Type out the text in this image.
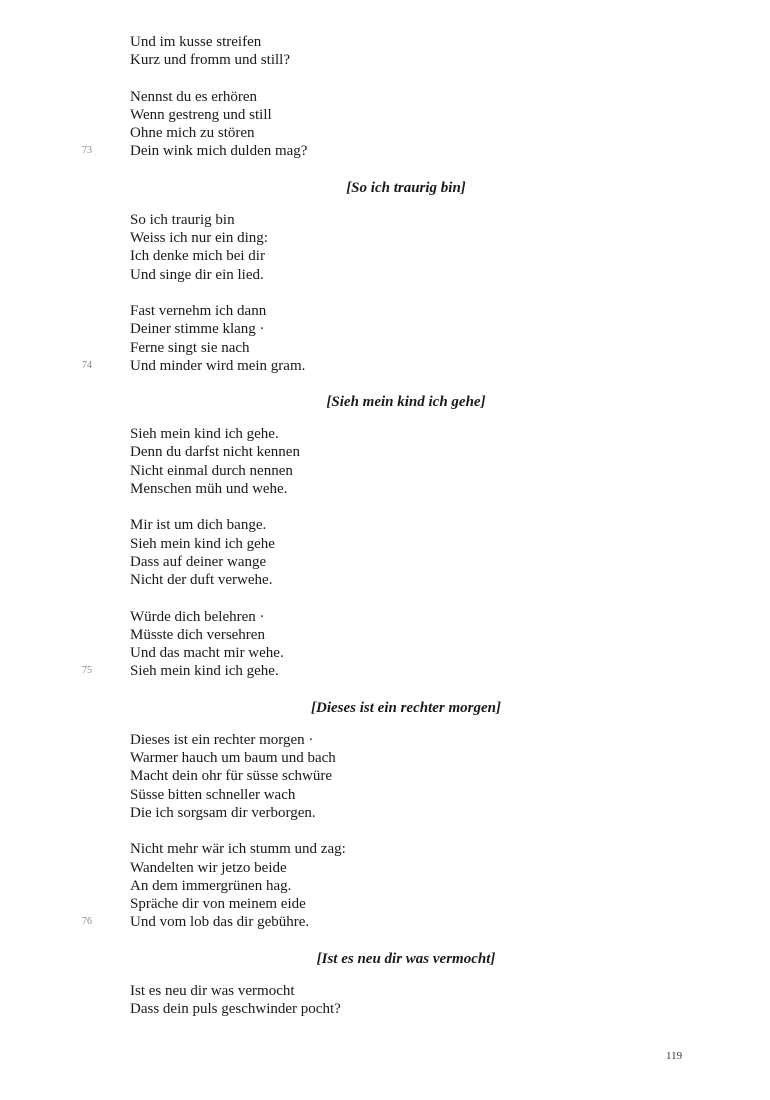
Und im kusse streifen
Kurz und fromm und still?
Nennst du es erhören
Wenn gestreng und still
Ohne mich zu stören
Dein wink mich dulden mag?
73
[So ich traurig bin]
So ich traurig bin
Weiss ich nur ein ding:
Ich denke mich bei dir
Und singe dir ein lied.
Fast vernehm ich dann
Deiner stimme klang ·
Ferne singt sie nach
Und minder wird mein gram.
74
[Sieh mein kind ich gehe]
Sieh mein kind ich gehe.
Denn du darfst nicht kennen
Nicht einmal durch nennen
Menschen müh und wehe.
Mir ist um dich bange.
Sieh mein kind ich gehe
Dass auf deiner wange
Nicht der duft verwehe.
Würde dich belehren ·
Müsste dich versehren
Und das macht mir wehe.
Sieh mein kind ich gehe.
75
[Dieses ist ein rechter morgen]
Dieses ist ein rechter morgen ·
Warmer hauch um baum und bach
Macht dein ohr für süsse schwüre
Süsse bitten schneller wach
Die ich sorgsam dir verborgen.
Nicht mehr wär ich stumm und zag:
Wandelten wir jetzo beide
An dem immergrünen hag.
Spräche dir von meinem eide
Und vom lob das dir gebühre.
76
[Ist es neu dir was vermocht]
Ist es neu dir was vermocht
Dass dein puls geschwinder pocht?
119
